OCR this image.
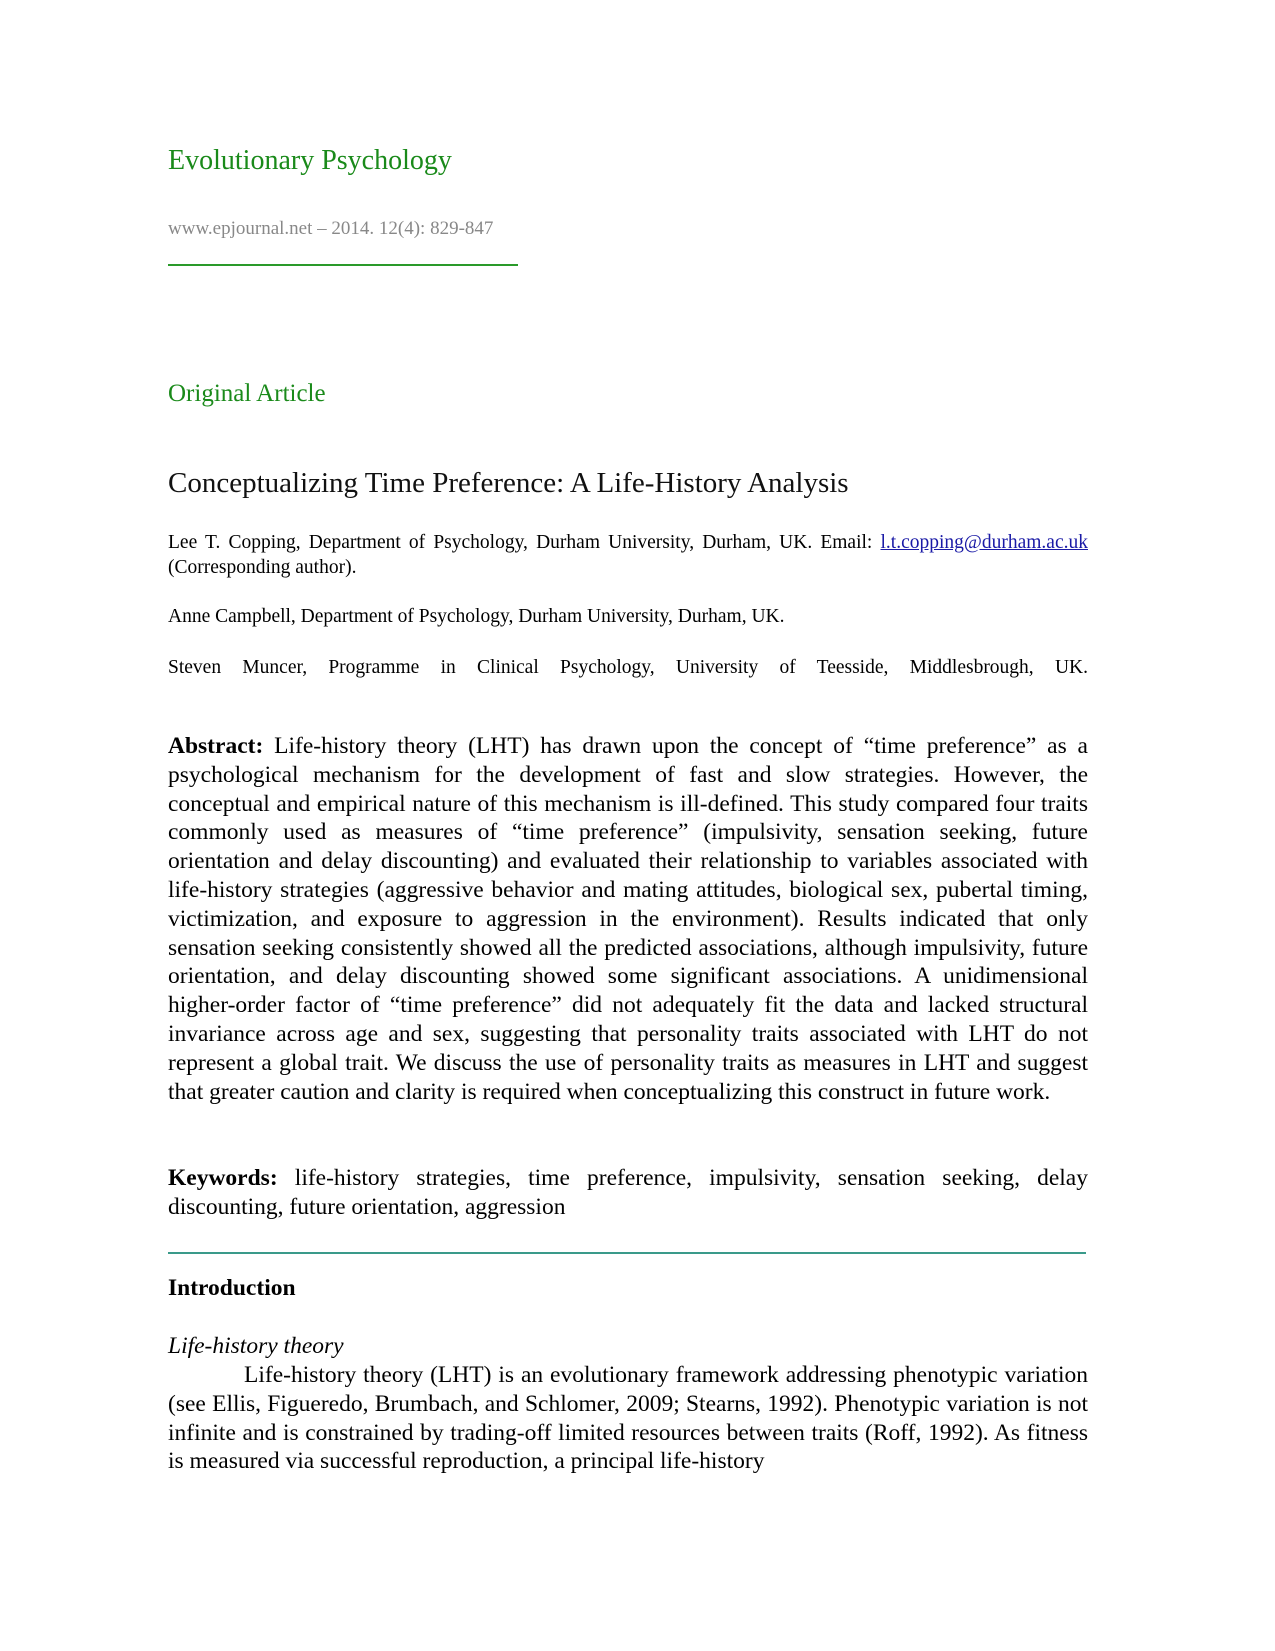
Evolutionary Psychology
www.epjournal.net – 2014. 12(4): 829-847
Original Article
Conceptualizing Time Preference: A Life-History Analysis
Lee T. Copping, Department of Psychology, Durham University, Durham, UK. Email: l.t.copping@durham.ac.uk (Corresponding author).
Anne Campbell, Department of Psychology, Durham University, Durham, UK.
Steven Muncer, Programme in Clinical Psychology, University of Teesside, Middlesbrough, UK.
Abstract: Life-history theory (LHT) has drawn upon the concept of “time preference” as a psychological mechanism for the development of fast and slow strategies. However, the conceptual and empirical nature of this mechanism is ill-defined. This study compared four traits commonly used as measures of “time preference” (impulsivity, sensation seeking, future orientation and delay discounting) and evaluated their relationship to variables associated with life-history strategies (aggressive behavior and mating attitudes, biological sex, pubertal timing, victimization, and exposure to aggression in the environment). Results indicated that only sensation seeking consistently showed all the predicted associations, although impulsivity, future orientation, and delay discounting showed some significant associations. A unidimensional higher-order factor of “time preference” did not adequately fit the data and lacked structural invariance across age and sex, suggesting that personality traits associated with LHT do not represent a global trait. We discuss the use of personality traits as measures in LHT and suggest that greater caution and clarity is required when conceptualizing this construct in future work.
Keywords: life-history strategies, time preference, impulsivity, sensation seeking, delay discounting, future orientation, aggression
Introduction
Life-history theory
Life-history theory (LHT) is an evolutionary framework addressing phenotypic variation (see Ellis, Figueredo, Brumbach, and Schlomer, 2009; Stearns, 1992). Phenotypic variation is not infinite and is constrained by trading-off limited resources between traits (Roff, 1992). As fitness is measured via successful reproduction, a principal life-history
